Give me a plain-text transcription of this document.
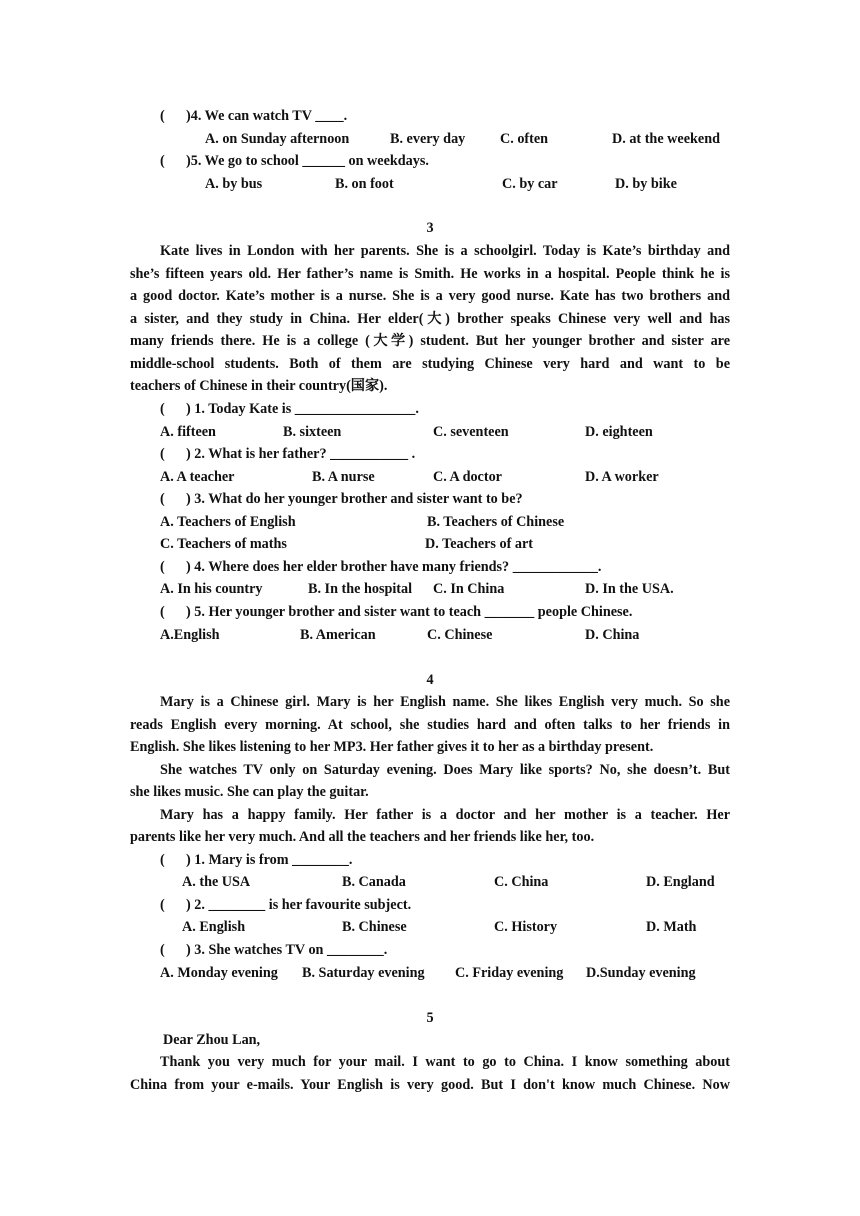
(      )4. We can watch TV ____.
A. on Sunday afternoon	B. every day C. often	D. at the weekend
(      )5. We go to school ______ on weekdays.
A. by bus	B. on foot	C. by car	D. by bike
3
Kate lives in London with her parents. She is a schoolgirl. Today is Kate’s birthday and
she’s fifteen years old. Her father’s name is Smith. He works in a hospital. People think he is
a good doctor. Kate’s mother is a nurse. She is a very good nurse. Kate has two brothers and
a sister, and they study in China. Her elder(大) brother speaks Chinese very well and has
many friends there. He is a college (大学) student. But her younger brother and sister are
middle-school students. Both of them are studying Chinese very hard and want to be
teachers of Chinese in their country(国家).
(      ) 1. Today Kate is _________________.
A. fifteen	B. sixteen	C. seventeen	D. eighteen
(      ) 2. What is her father? ___________ .
A. A teacher	B. A nurse	C. A doctor	D. A worker
(      ) 3. What do her younger brother and sister want to be?
A. Teachers of English	B. Teachers of Chinese
C. Teachers of maths	D. Teachers of art
(      ) 4. Where does her elder brother have many friends? ____________.
A. In his country	B. In the hospital C. In China	D. In the USA.
(      ) 5. Her younger brother and sister want to teach _______ people Chinese.
A.English	B. American	C. Chinese	D. China
4
Mary is a Chinese girl. Mary is her English name. She likes English very much. So she
reads English every morning. At school, she studies hard and often talks to her friends in
English. She likes listening to her MP3. Her father gives it to her as a birthday present.
She watches TV only on Saturday evening. Does Mary like sports? No, she doesn’t. But
she likes music. She can play the guitar.
Mary has a happy family. Her father is a doctor and her mother is a teacher. Her
parents like her very much. And all the teachers and her friends like her, too.
(      ) 1. Mary is from ________.
A. the USA	B. Canada	C. China	D. England
(      ) 2. ________ is her favourite subject.
A. English	B. Chinese	C. History	D. Math
(      ) 3. She watches TV on ________.
A. Monday evening B. Saturday evening C. Friday evening D.Sunday evening
5
Dear Zhou Lan,
Thank you very much for your mail. I want to go to China. I know something about
China from your e-mails. Your English is very good. But I don't know much Chinese. Now
